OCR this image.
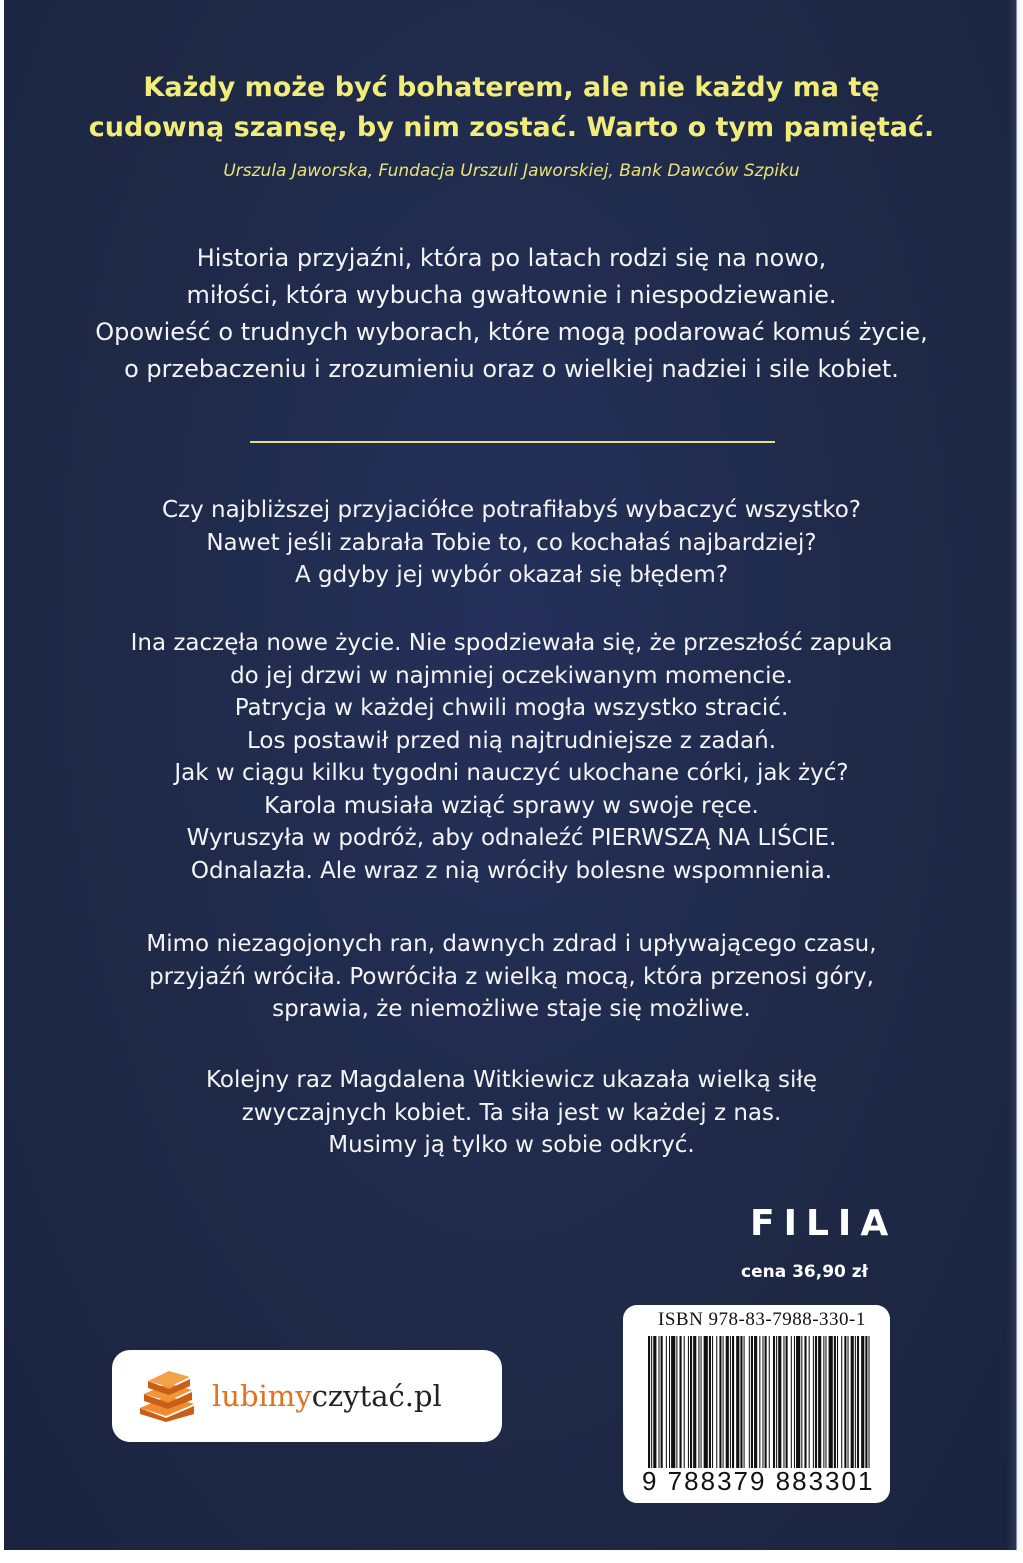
Każdy może być bohaterem, ale nie każdy ma tę
cudowną szansę, by nim zostać. Warto o tym pamiętać.
Urszula Jaworska, Fundacja Urszuli Jaworskiej, Bank Dawców Szpiku
Historia przyjaźni, która po latach rodzi się na nowo,
miłości, która wybucha gwałtownie i niespodziewanie.
Opowieść o trudnych wyborach, które mogą podarować komuś życie,
o przebaczeniu i zrozumieniu oraz o wielkiej nadziei i sile kobiet.
Czy najbliższej przyjaciółce potrafiłabyś wybaczyć wszystko?
Nawet jeśli zabrała Tobie to, co kochałaś najbardziej?
A gdyby jej wybór okazał się błędem?
Ina zaczęła nowe życie. Nie spodziewała się, że przeszłość zapuka
do jej drzwi w najmniej oczekiwanym momencie.
Patrycja w każdej chwili mogła wszystko stracić.
Los postawił przed nią najtrudniejsze z zadań.
Jak w ciągu kilku tygodni nauczyć ukochane córki, jak żyć?
Karola musiała wziąć sprawy w swoje ręce.
Wyruszyła w podróż, aby odnaleźć PIERWSZĄ NA LIŚCIE.
Odnalazła. Ale wraz z nią wróciły bolesne wspomnienia.
Mimo niezagojonych ran, dawnych zdrad i upływającego czasu,
przyjaźń wróciła. Powróciła z wielką mocą, która przenosi góry,
sprawia, że niemożliwe staje się możliwe.
Kolejny raz Magdalena Witkiewicz ukazała wielką siłę
zwyczajnych kobiet. Ta siła jest w każdej z nas.
Musimy ją tylko w sobie odkryć.
FILIA
cena 36,90 zł
lubimyczytać.pl
ISBN 978-83-7988-330-1
9 788379 883301
